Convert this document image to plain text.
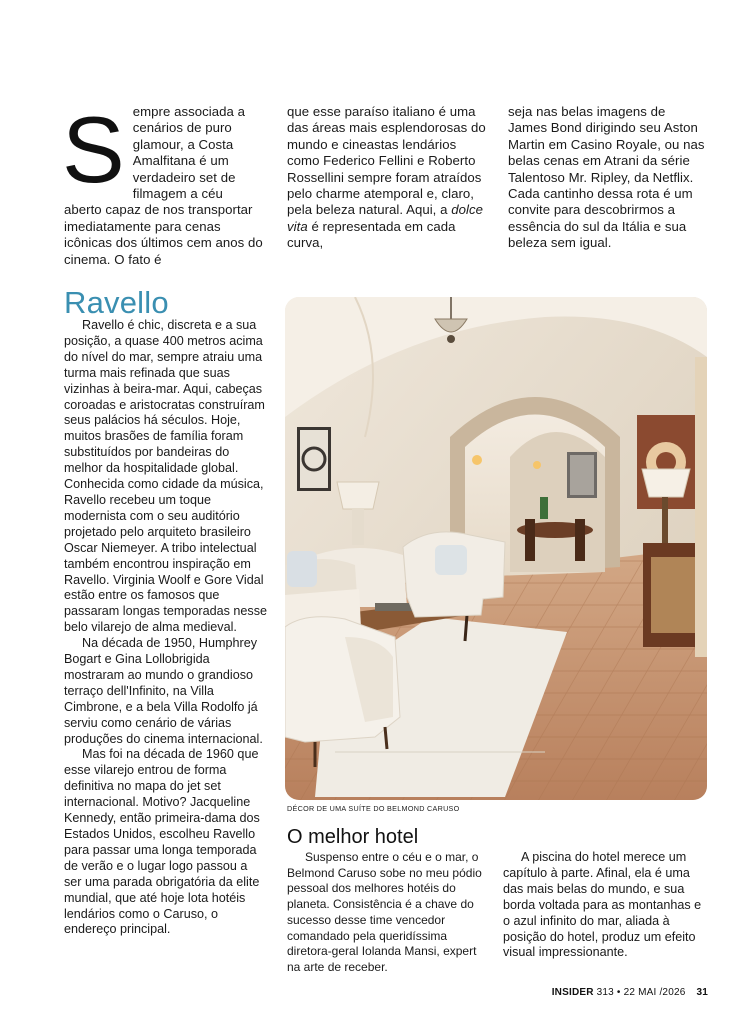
S empre associada a cenários de puro glamour, a Costa Amalfitana é um verdadeiro set de filmagem a céu aberto capaz de nos transportar imediatamente para cenas icônicas dos últimos cem anos do cinema. O fato é

que esse paraíso italiano é uma das áreas mais esplendorosas do mundo e cineastas lendários como Federico Fellini e Roberto Rossellini sempre foram atraídos pelo charme atemporal e, claro, pela beleza natural. Aqui, a dolce vita é representada em cada curva,

seja nas belas imagens de James Bond dirigindo seu Aston Martin em Casino Royale, ou nas belas cenas em Atrani da série Talentoso Mr. Ripley, da Netflix. Cada cantinho dessa rota é um convite para descobrirmos a essência do sul da Itália e sua beleza sem igual.

Ravello

Ravello é chic, discreta e a sua posição, a quase 400 metros acima do nível do mar, sempre atraiu uma turma mais refinada que suas vizinhas à beira-mar. Aqui, cabeças coroadas e aristocratas construíram seus palácios há séculos. Hoje, muitos brasões de família foram substituídos por bandeiras do melhor da hospitalidade global. Conhecida como cidade da música, Ravello recebeu um toque modernista com o seu auditório projetado pelo arquiteto brasileiro Oscar Niemeyer. A tribo intelectual também encontrou inspiração em Ravello. Virginia Woolf e Gore Vidal estão entre os famosos que passaram longas temporadas nesse belo vilarejo de alma medieval.

Na década de 1950, Humphrey Bogart e Gina Lollobrigida mostraram ao mundo o grandioso terraço dell'Infinito, na Villa Cimbrone, e a bela Villa Rodolfo já serviu como cenário de várias produções do cinema internacional.

Mas foi na década de 1960 que esse vilarejo entrou de forma definitiva no mapa do jet set internacional. Motivo? Jacqueline Kennedy, então primeira-dama dos Estados Unidos, escolheu Ravello para passar uma longa temporada de verão e o lugar logo passou a ser uma parada obrigatória da elite mundial, que até hoje lota hotéis lendários como o Caruso, o endereço principal.

DÉCOR DE UMA SUÍTE DO BELMOND CARUSO
O melhor hotel

Suspenso entre o céu e o mar, o Belmond Caruso sobe no meu pódio pessoal dos melhores hotéis do planeta. Consistência é a chave do sucesso desse time vencedor comandado pela queridíssima diretora-geral Iolanda Mansi, expert na arte de receber.

A piscina do hotel merece um capítulo à parte. Afinal, ela é uma das mais belas do mundo, e sua borda voltada para as montanhas e o azul infinito do mar, aliada à posição do hotel, produz um efeito visual impressionante.

INSIDER 313 • 22 MAI /2026 31
